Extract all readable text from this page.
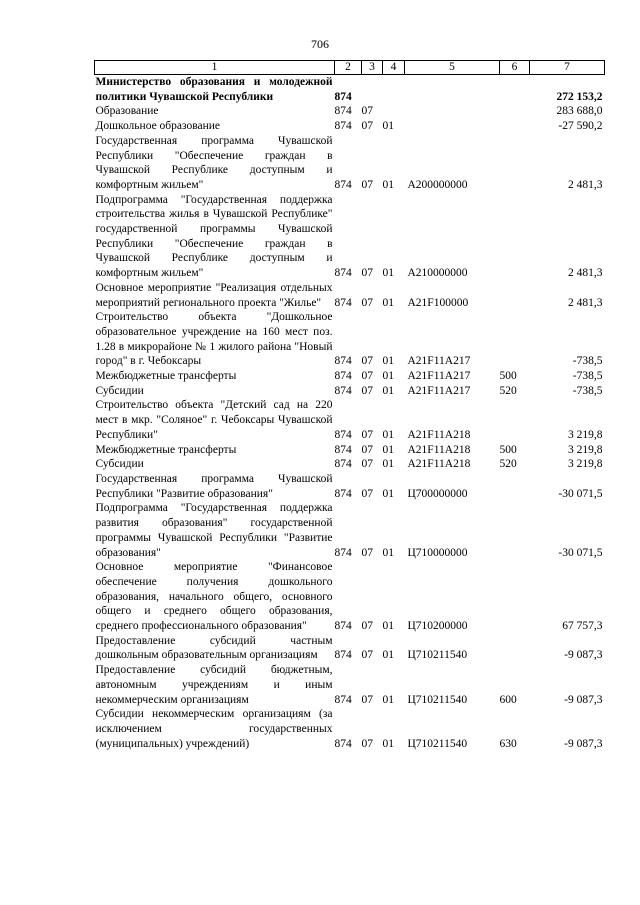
706
1	2	3	4	5	6	7
Министерство образования и молодежной политики Чувашской Республики	874					272 153,2
Образование	874	07				283 688,0
Дошкольное образование	874	07	01			-27 590,2
Государственная программа Чувашской Республики "Обеспечение граждан в Чувашской Республике доступным и комфортным жильем"	874	07	01	А200000000		2 481,3
Подпрограмма "Государственная поддержка строительства жилья в Чувашской Республике" государственной программы Чувашской Республики "Обеспечение граждан в Чувашской Республике доступным и комфортным жильем"	874	07	01	А210000000		2 481,3
Основное мероприятие "Реализация отдельных мероприятий регионального проекта "Жилье"	874	07	01	А21F100000		2 481,3
Строительство объекта "Дошкольное образовательное учреждение на 160 мест поз. 1.28 в микрорайоне № 1 жилого района "Новый город" в г. Чебоксары	874	07	01	А21F11А217		-738,5
Межбюджетные трансферты	874	07	01	А21F11А217	500	-738,5
Субсидии	874	07	01	А21F11А217	520	-738,5
Строительство объекта "Детский сад на 220 мест в мкр. "Соляное" г. Чебоксары Чувашской Республики"	874	07	01	А21F11А218		3 219,8
Межбюджетные трансферты	874	07	01	А21F11А218	500	3 219,8
Субсидии	874	07	01	А21F11А218	520	3 219,8
Государственная программа Чувашской Республики "Развитие образования"	874	07	01	Ц700000000		-30 071,5
Подпрограмма "Государственная поддержка развития образования" государственной программы Чувашской Республики "Развитие образования"	874	07	01	Ц710000000		-30 071,5
Основное мероприятие "Финансовое обеспечение получения дошкольного образования, начального общего, основного общего и среднего общего образования, среднего профессионального образования"	874	07	01	Ц710200000		67 757,3
Предоставление субсидий частным дошкольным образовательным организациям	874	07	01	Ц710211540		-9 087,3
Предоставление субсидий бюджетным, автономным учреждениям и иным некоммерческим организациям	874	07	01	Ц710211540	600	-9 087,3
Субсидии некоммерческим организациям (за исключением государственных (муниципальных) учреждений)	874	07	01	Ц710211540	630	-9 087,3
